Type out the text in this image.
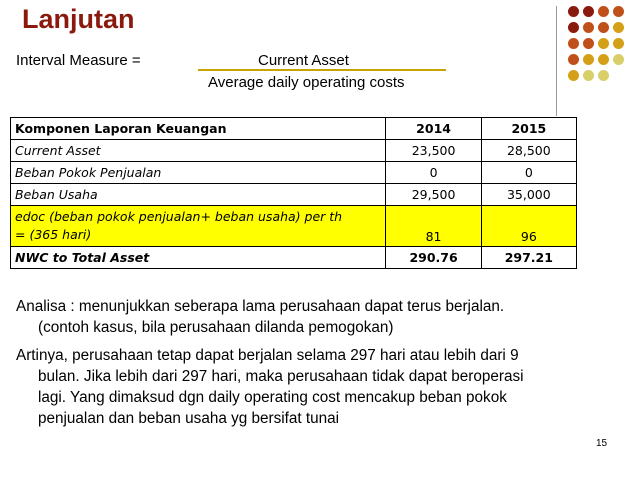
Lanjutan
Interval Measure =	Current Asset
Average daily operating costs
Komponen Laporan Keuangan	2014	2015
Current Asset	23,500	28,500
Beban Pokok Penjualan	0	0
Beban Usaha	29,500	35,000
edoc (beban pokok penjualan+ beban usaha) per th
= (365 hari)	81	96
NWC to Total Asset	290.76	297.21
Analisa : menunjukkan seberapa lama perusahaan dapat terus berjalan.
(contoh kasus, bila perusahaan dilanda pemogokan)
Artinya, perusahaan tetap dapat berjalan selama 297 hari atau lebih dari 9
bulan. Jika lebih dari 297 hari, maka perusahaan tidak dapat beroperasi
lagi. Yang dimaksud dgn daily operating cost mencakup beban pokok
penjualan dan beban usaha yg bersifat tunai
15
